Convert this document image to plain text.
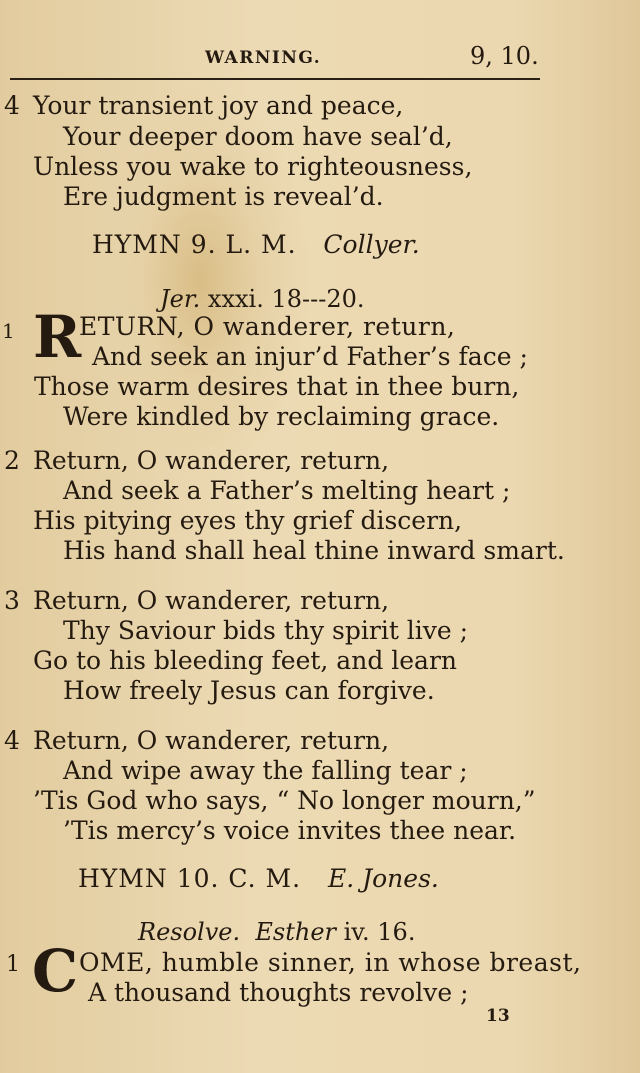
WARNING.	9, 10.
4 Your transient joy and peace,
Your deeper doom have seal’d,
Unless you wake to righteousness,
Ere judgment is reveal’d.
HYMN 9. L. M. Collyer.
Jer. xxxi. 18---20.
1 R
ETURN, O wanderer, return,
And seek an injur’d Father’s face ;
Those warm desires that in thee burn,
Were kindled by reclaiming grace.
2 Return, O wanderer, return,
And seek a Father’s melting heart ;
His pitying eyes thy grief discern,
His hand shall heal thine inward smart.
3 Return, O wanderer, return,
Thy Saviour bids thy spirit live ;
Go to his bleeding feet, and learn
How freely Jesus can forgive.
4 Return, O wanderer, return,
And wipe away the falling tear ;
’Tis God who says, “ No longer mourn,”
’Tis mercy’s voice invites thee near.
HYMN 10. C. M. E. Jones.
Resolve. Esther iv. 16.
1 C OME, humble sinner, in whose breast,
A thousand thoughts revolve ;
13
